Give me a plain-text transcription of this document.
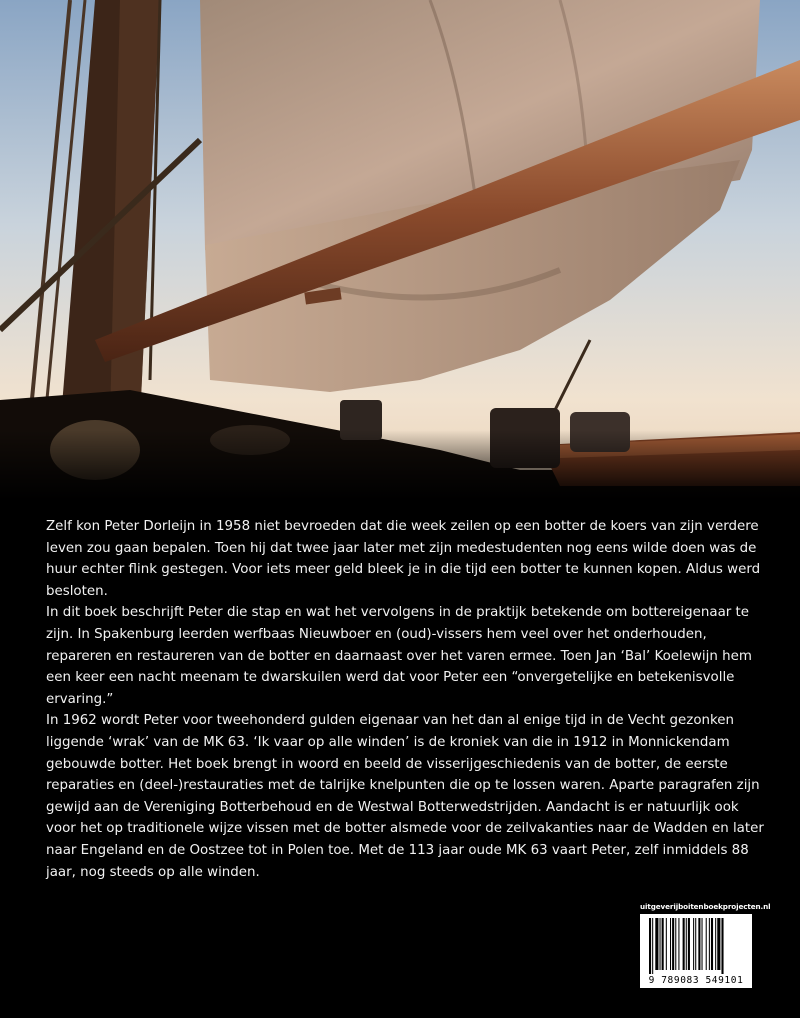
Zelf kon Peter Dorleijn in 1958 niet bevroeden dat die week zeilen op een botter de koers van zijn verdere leven zou gaan bepalen. Toen hij dat twee jaar later met zijn medestudenten nog eens wilde doen was de huur echter flink gestegen. Voor iets meer geld bleek je in die tijd een botter te kunnen kopen. Aldus werd besloten.

In dit boek beschrijft Peter die stap en wat het vervolgens in de praktijk betekende om bottereigenaar te zijn. In Spakenburg leerden werfbaas Nieuwboer en (oud)-vissers hem veel over het onderhouden, repareren en restaureren van de botter en daarnaast over het varen ermee. Toen Jan ‘Bal’ Koelewijn hem een keer een nacht meenam te dwarskuilen werd dat voor Peter een “onvergetelijke en betekenisvolle ervaring.”

In 1962 wordt Peter voor tweehonderd gulden eigenaar van het dan al enige tijd in de Vecht gezonken liggende ‘wrak’ van de MK 63. ‘Ik vaar op alle winden’ is de kroniek van die in 1912 in Monnickendam gebouwde botter. Het boek brengt in woord en beeld de visserijgeschiedenis van de botter, de eerste reparaties en (deel-)restauraties met de talrijke knelpunten die op te lossen waren. Aparte paragrafen zijn gewijd aan de Vereniging Botterbehoud en de Westwal Botterwedstrijden. Aandacht is er natuurlijk ook voor het op traditionele wijze vissen met de botter alsmede voor de zeilvakanties naar de Wadden en later naar Engeland en de Oostzee tot in Polen toe. Met de 113 jaar oude MK 63 vaart Peter, zelf inmiddels 88 jaar, nog steeds op alle winden.

uitgeverijboitenboekprojecten.nl
9 789083 549101
